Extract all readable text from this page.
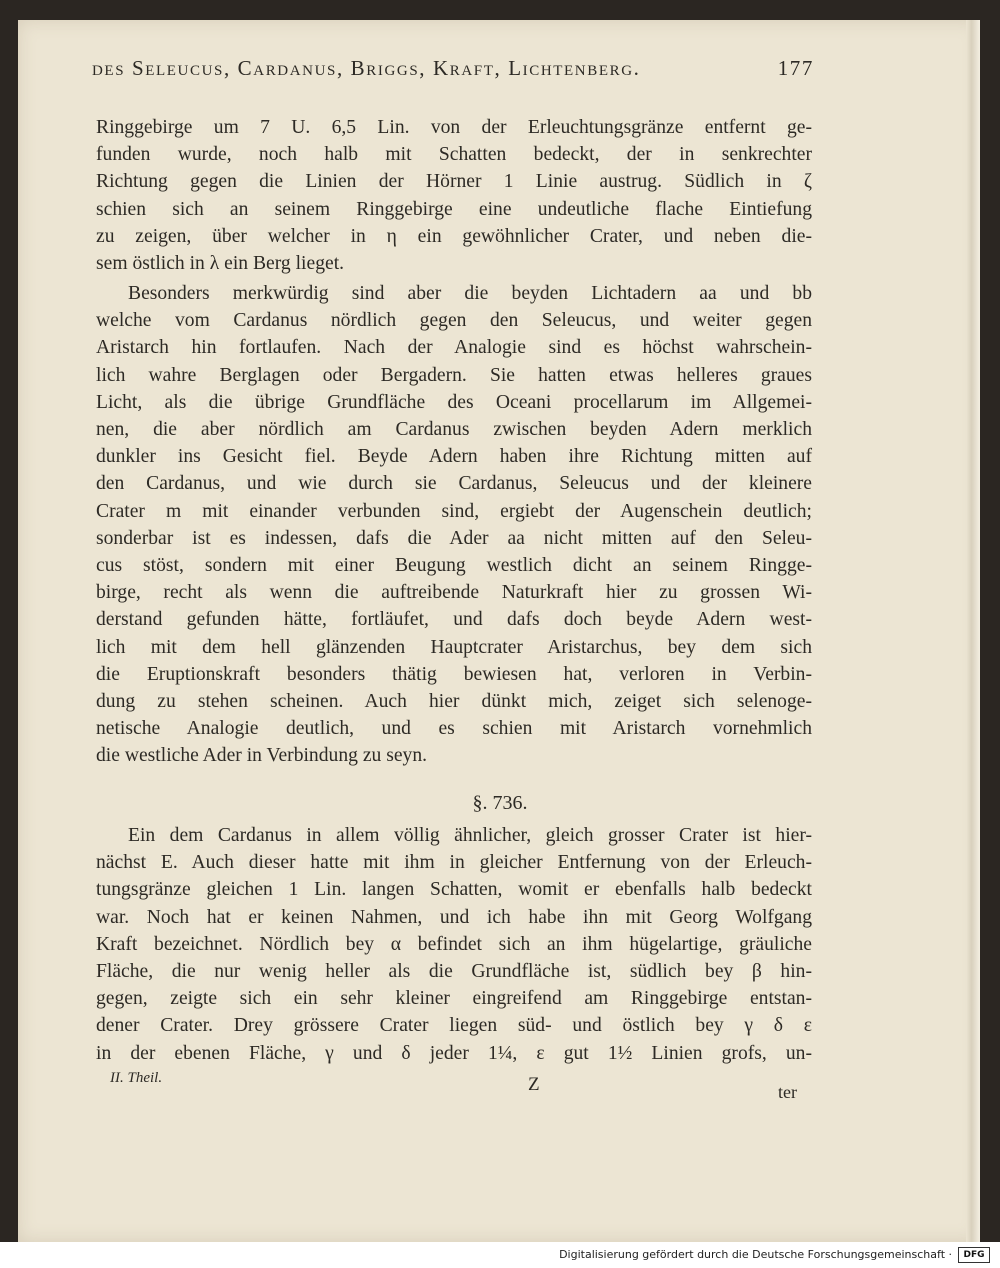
des Seleucus, Cardanus, Briggs, Kraft, Lichtenberg.	177
Ringgebirge um 7 U. 6,5 Lin. von der Erleuchtungsgränze entfernt ge-
funden wurde, noch halb mit Schatten bedeckt, der in senkrechter
Richtung gegen die Linien der Hörner 1 Linie austrug. Südlich in ζ
schien sich an seinem Ringgebirge eine undeutliche flache Eintiefung
zu zeigen, über welcher in η ein gewöhnlicher Crater, und neben die-
sem östlich in λ ein Berg lieget.
Besonders merkwürdig sind aber die beyden Lichtadern aa und bb
welche vom Cardanus nördlich gegen den Seleucus, und weiter gegen
Aristarch hin fortlaufen. Nach der Analogie sind es höchst wahrschein-
lich wahre Berglagen oder Bergadern. Sie hatten etwas helleres graues
Licht, als die übrige Grundfläche des Oceani procellarum im Allgemei-
nen, die aber nördlich am Cardanus zwischen beyden Adern merklich
dunkler ins Gesicht fiel. Beyde Adern haben ihre Richtung mitten auf
den Cardanus, und wie durch sie Cardanus, Seleucus und der kleinere
Crater m mit einander verbunden sind, ergiebt der Augenschein deutlich;
sonderbar ist es indessen, dafs die Ader aa nicht mitten auf den Seleu-
cus stöst, sondern mit einer Beugung westlich dicht an seinem Ringge-
birge, recht als wenn die auftreibende Naturkraft hier zu grossen Wi-
derstand gefunden hätte, fortläufet, und dafs doch beyde Adern west-
lich mit dem hell glänzenden Hauptcrater Aristarchus, bey dem sich
die Eruptionskraft besonders thätig bewiesen hat, verloren in Verbin-
dung zu stehen scheinen. Auch hier dünkt mich, zeiget sich selenoge-
netische Analogie deutlich, und es schien mit Aristarch vornehmlich
die westliche Ader in Verbindung zu seyn.
§. 736.
Ein dem Cardanus in allem völlig ähnlicher, gleich grosser Crater ist hier-
nächst E. Auch dieser hatte mit ihm in gleicher Entfernung von der Erleuch-
tungsgränze gleichen 1 Lin. langen Schatten, womit er ebenfalls halb bedeckt
war. Noch hat er keinen Nahmen, und ich habe ihn mit Georg Wolfgang
Kraft bezeichnet. Nördlich bey α befindet sich an ihm hügelartige, gräuliche
Fläche, die nur wenig heller als die Grundfläche ist, südlich bey β hin-
gegen, zeigte sich ein sehr kleiner eingreifend am Ringgebirge entstan-
dener Crater. Drey grössere Crater liegen süd- und östlich bey γ δ ε
in der ebenen Fläche, γ und δ jeder 1¼, ε gut 1½ Linien grofs, un-
II. Theil.	Z	ter
Digitalisierung gefördert durch die Deutsche Forschungsgemeinschaft ·	DFG
